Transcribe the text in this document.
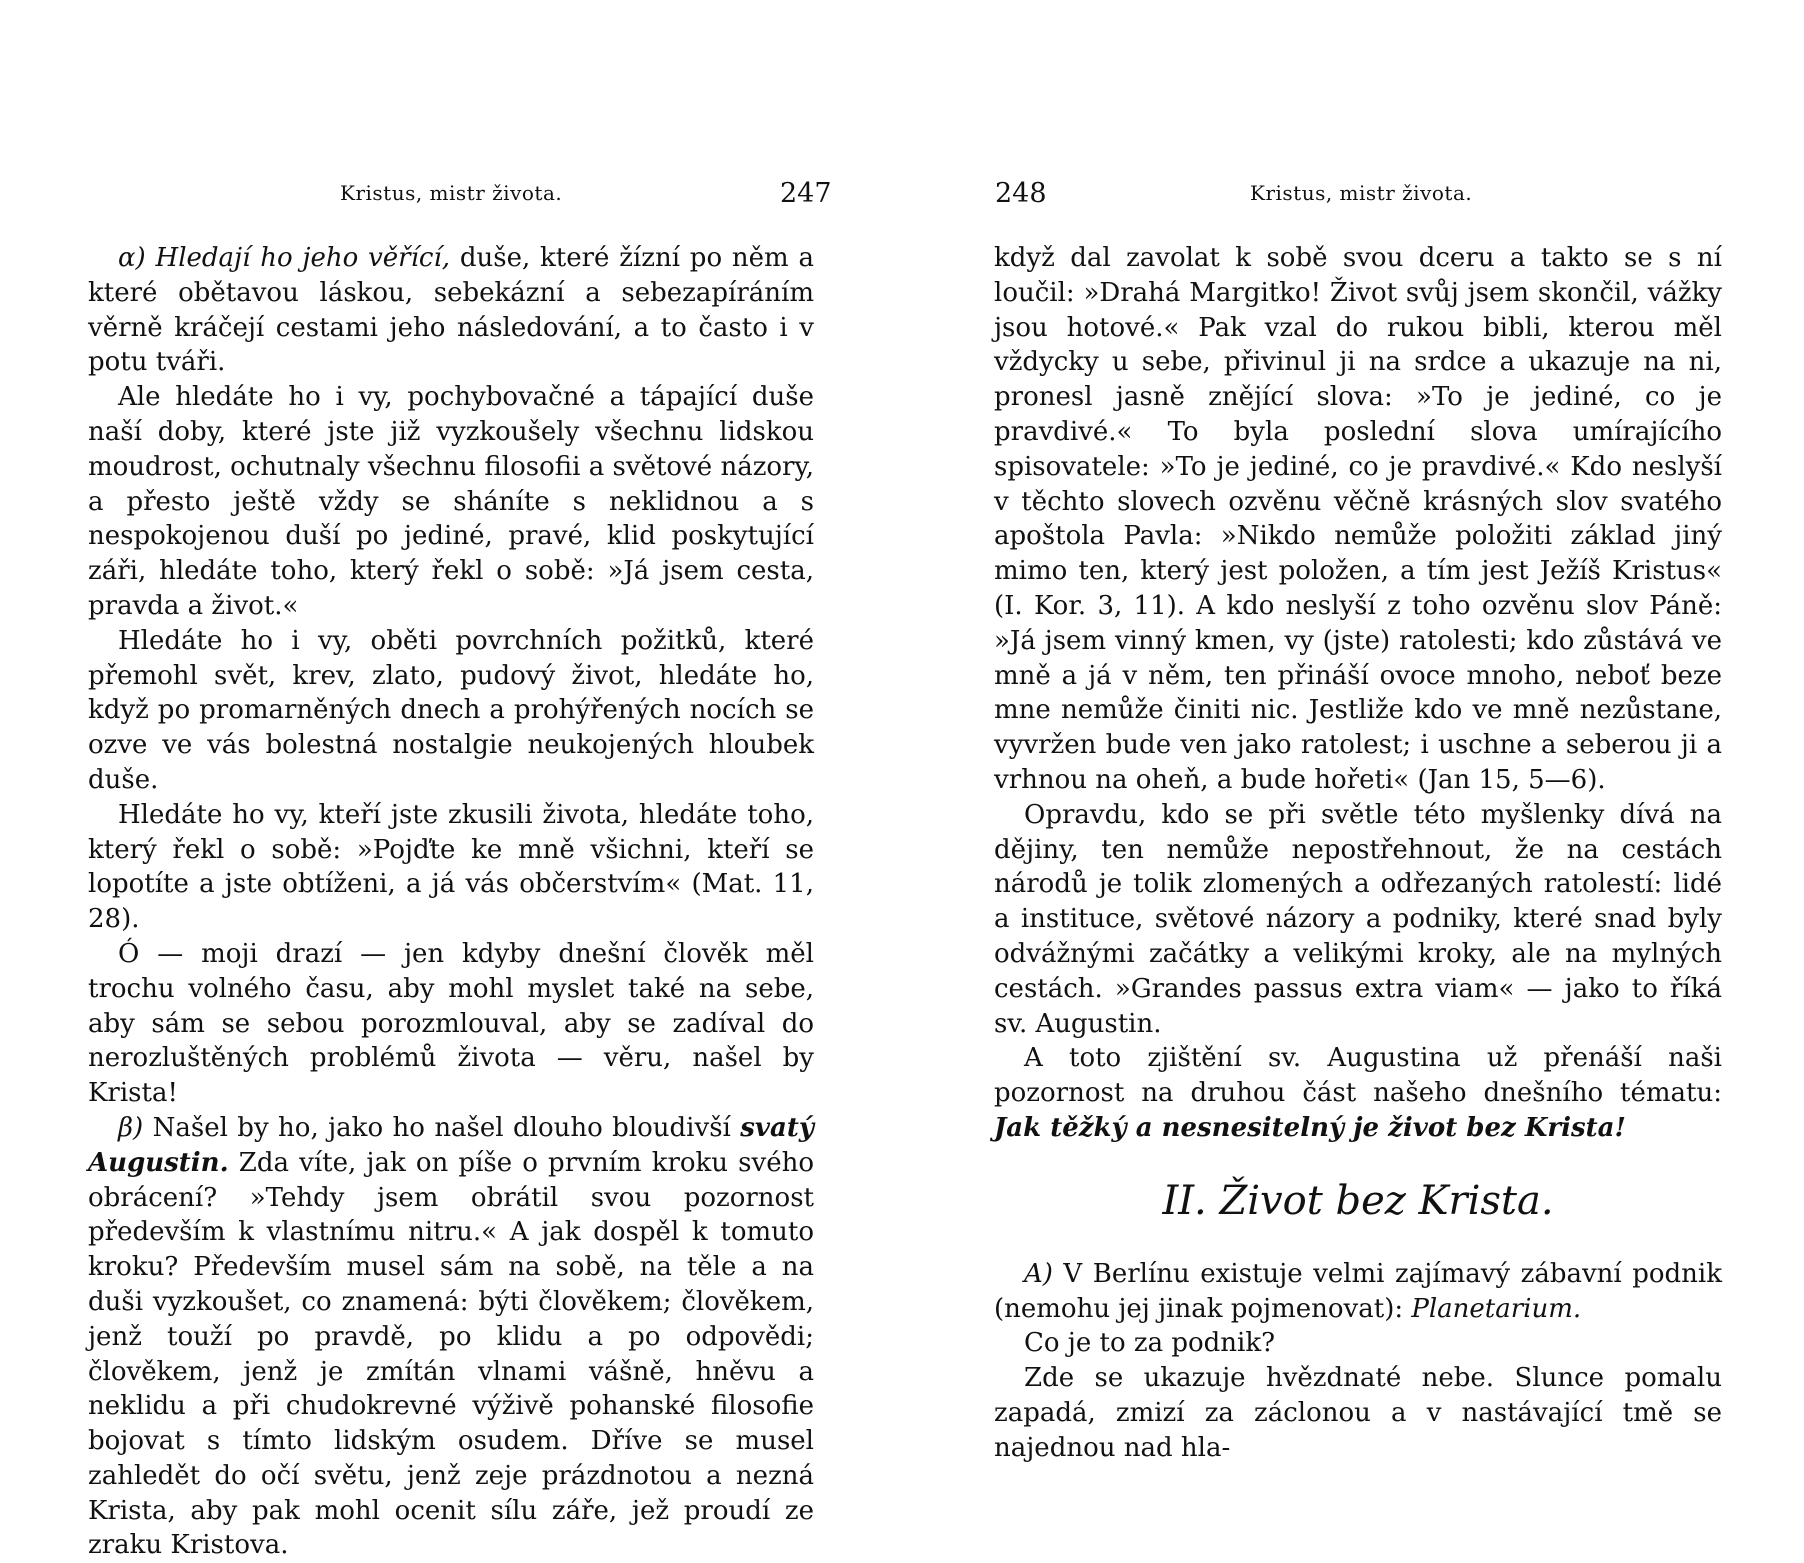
Kristus, mistr života.	247

α) Hledají ho jeho věřící, duše, které žízní po něm a které obětavou láskou, sebekázní a sebezapíráním věrně kráčejí cestami jeho následování, a to často i v potu tváři.

Ale hledáte ho i vy, pochybovačné a tápající duše naší doby, které jste již vyzkoušely všechnu lidskou moudrost, ochutnaly všechnu filosofii a světové názory, a přesto ještě vždy se sháníte s neklidnou a s nespokojenou duší po jediné, pravé, klid poskytující záři, hledáte toho, který řekl o sobě: »Já jsem cesta, pravda a život.«

Hledáte ho i vy, oběti povrchních požitků, které přemohl svět, krev, zlato, pudový život, hledáte ho, když po promarněných dnech a prohýřených nocích se ozve ve vás bolestná nostalgie neukojených hloubek duše.

Hledáte ho vy, kteří jste zkusili života, hledáte toho, který řekl o sobě: »Pojďte ke mně všichni, kteří se lopotíte a jste obtíženi, a já vás občerstvím« (Mat. 11, 28).

Ó — moji drazí — jen kdyby dnešní člověk měl trochu volného času, aby mohl myslet také na sebe, aby sám se sebou porozmlouval, aby se zadíval do nerozluštěných problémů života — věru, našel by Krista!

β) Našel by ho, jako ho našel dlouho bloudivší svatý Augustin. Zda víte, jak on píše o prvním kroku svého obrácení? »Tehdy jsem obrátil svou pozornost především k vlastnímu nitru.« A jak dospěl k tomuto kroku? Především musel sám na sobě, na těle a na duši vyzkoušet, co znamená: býti člověkem; člověkem, jenž touží po pravdě, po klidu a po odpovědi; člověkem, jenž je zmítán vlnami vášně, hněvu a neklidu a při chudokrevné výživě pohanské filosofie bojovat s tímto lidským osudem. Dříve se musel zahledět do očí světu, jenž zeje prázdnotou a nezná Krista, aby pak mohl ocenit sílu záře, jež proudí ze zraku Kristova.

248	Kristus, mistr života.

když dal zavolat k sobě svou dceru a takto se s ní loučil: »Drahá Margitko! Život svůj jsem skončil, vážky jsou hotové.« Pak vzal do rukou bibli, kterou měl vždycky u sebe, přivinul ji na srdce a ukazuje na ni, pronesl jasně znějící slova: »To je jediné, co je pravdivé.« To byla poslední slova umírajícího spisovatele: »To je jediné, co je pravdivé.« Kdo neslyší v těchto slovech ozvěnu věčně krásných slov svatého apoštola Pavla: »Nikdo nemůže položiti základ jiný mimo ten, který jest položen, a tím jest Ježíš Kristus« (I. Kor. 3, 11). A kdo neslyší z toho ozvěnu slov Páně: »Já jsem vinný kmen, vy (jste) ratolesti; kdo zůstává ve mně a já v něm, ten přináší ovoce mnoho, neboť beze mne nemůže činiti nic. Jestliže kdo ve mně nezůstane, vyvržen bude ven jako ratolest; i uschne a seberou ji a vrhnou na oheň, a bude hořeti« (Jan 15, 5—6).

Opravdu, kdo se při světle této myšlenky dívá na dějiny, ten nemůže nepostřehnout, že na cestách národů je tolik zlomených a odřezaných ratolestí: lidé a instituce, světové názory a podniky, které snad byly odvážnými začátky a velikými kroky, ale na mylných cestách. »Grandes passus extra viam« — jako to říká sv. Augustin.

A toto zjištění sv. Augustina už přenáší naši pozornost na druhou část našeho dnešního tématu: Jak těžký a nesnesitelný je život bez Krista!

II. Život bez Krista.

A) V Berlínu existuje velmi zajímavý zábavní podnik (nemohu jej jinak pojmenovat): Planetarium.

Co je to za podnik?

Zde se ukazuje hvězdnaté nebe. Slunce pomalu zapadá, zmizí za záclonou a v nastávající tmě se najednou nad hla-
